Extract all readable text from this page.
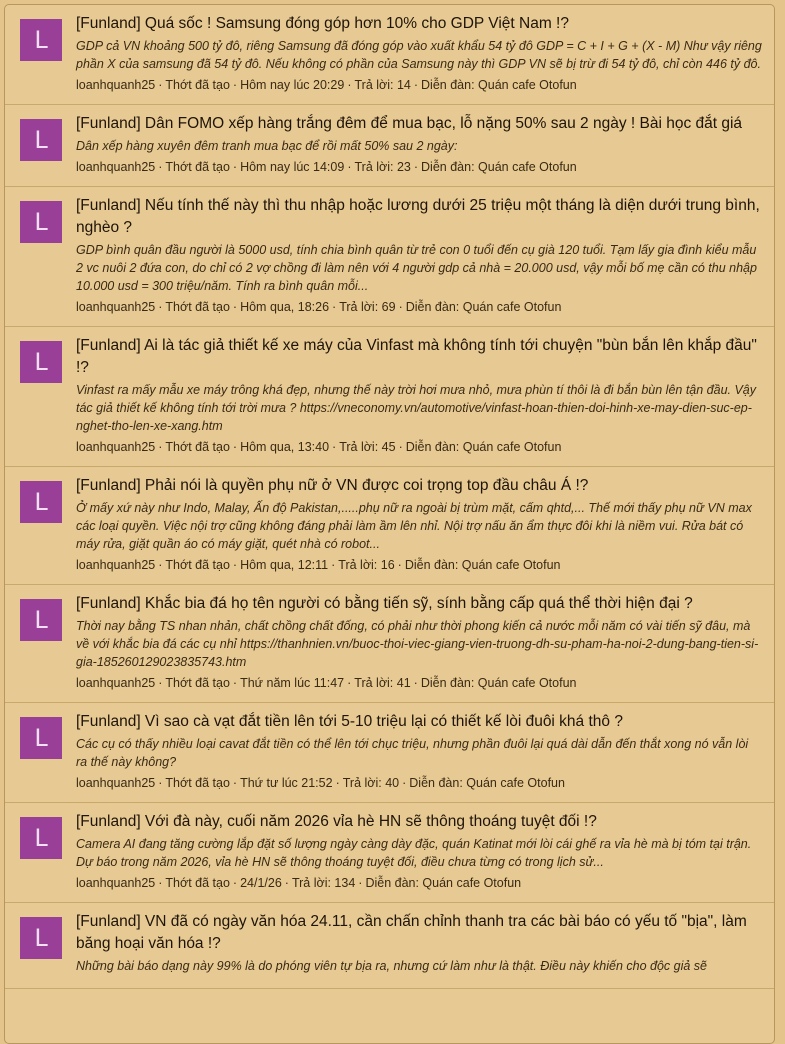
L
[Funland] Quá sốc ! Samsung đóng góp hơn 10% cho GDP Việt Nam !?
GDP cả VN khoảng 500 tỷ đô, riêng Samsung đã đóng góp vào xuất khẩu 54 tỷ đô GDP = C + I + G + (X - M) Như vậy riêng phần X của samsung đã 54 tỷ đô. Nếu không có phần của Samsung này thì GDP VN sẽ bị trừ đi 54 tỷ đô, chỉ còn 446 tỷ đô.
loanhquanh25 · Thớt đã tạo · Hôm nay lúc 20:29 · Trả lời: 14 · Diễn đàn: Quán cafe Otofun
L
[Funland] Dân FOMO xếp hàng trắng đêm để mua bạc, lỗ nặng 50% sau 2 ngày ! Bài học đắt giá
Dân xếp hàng xuyên đêm tranh mua bạc để rồi mất 50% sau 2 ngày:
loanhquanh25 · Thớt đã tạo · Hôm nay lúc 14:09 · Trả lời: 23 · Diễn đàn: Quán cafe Otofun
L
[Funland] Nếu tính thế này thì thu nhập hoặc lương dưới 25 triệu một tháng là diện dưới trung bình, nghèo ?
GDP bình quân đầu người là 5000 usd, tính chia bình quân từ trẻ con 0 tuổi đến cụ già 120 tuổi. Tạm lấy gia đình kiểu mẫu 2 vc nuôi 2 đứa con, do chỉ có 2 vợ chồng đi làm nên với 4 người gdp cả nhà = 20.000 usd, vậy mỗi bố mẹ cần có thu nhập 10.000 usd = 300 triệu/năm. Tính ra bình quân mỗi...
loanhquanh25 · Thớt đã tạo · Hôm qua, 18:26 · Trả lời: 69 · Diễn đàn: Quán cafe Otofun
L
[Funland] Ai là tác giả thiết kế xe máy của Vinfast mà không tính tới chuyện "bùn bắn lên khắp đầu" !?
Vinfast ra mấy mẫu xe máy trông khá đẹp, nhưng thế này trời hơi mưa nhỏ, mưa phùn tí thôi là đi bắn bùn lên tận đầu. Vậy tác giả thiết kế không tính tới trời mưa ? https://vneconomy.vn/automotive/vinfast-hoan-thien-doi-hinh-xe-may-dien-suc-ep-nghet-tho-len-xe-xang.htm
loanhquanh25 · Thớt đã tạo · Hôm qua, 13:40 · Trả lời: 45 · Diễn đàn: Quán cafe Otofun
L
[Funland] Phải nói là quyền phụ nữ ở VN được coi trọng top đầu châu Á !?
Ở mấy xứ này như Indo, Malay, Ấn độ Pakistan,.....phụ nữ ra ngoài bị trùm mặt, cấm qhtd,... Thế mới thấy phụ nữ VN max các loại quyền. Việc nội trợ cũng không đáng phải làm ầm lên nhỉ. Nội trợ nấu ăn ẩm thực đôi khi là niềm vui. Rửa bát có máy rửa, giặt quần áo có máy giặt, quét nhà có robot...
loanhquanh25 · Thớt đã tạo · Hôm qua, 12:11 · Trả lời: 16 · Diễn đàn: Quán cafe Otofun
L
[Funland] Khắc bia đá họ tên người có bằng tiến sỹ, sính bằng cấp quá thể thời hiện đại ?
Thời nay bằng TS nhan nhản, chất chồng chất đống, có phải như thời phong kiến cả nước mỗi năm có vài tiến sỹ đâu, mà về với khắc bia đá các cụ nhỉ https://thanhnien.vn/buoc-thoi-viec-giang-vien-truong-dh-su-pham-ha-noi-2-dung-bang-tien-si-gia-185260129023835743.htm
loanhquanh25 · Thớt đã tạo · Thứ năm lúc 11:47 · Trả lời: 41 · Diễn đàn: Quán cafe Otofun
L
[Funland] Vì sao cà vạt đắt tiền lên tới 5-10 triệu lại có thiết kế lòi đuôi khá thô ?
Các cụ có thấy nhiều loại cavat đắt tiền có thể lên tới chục triệu, nhưng phần đuôi lại quá dài dẫn đến thắt xong nó vẫn lòi ra thế này không?
loanhquanh25 · Thớt đã tạo · Thứ tư lúc 21:52 · Trả lời: 40 · Diễn đàn: Quán cafe Otofun
L
[Funland] Với đà này, cuối năm 2026 vỉa hè HN sẽ thông thoáng tuyệt đối !?
Camera AI đang tăng cường lắp đặt số lượng ngày càng dày đặc, quán Katinat mới lòi cái ghế ra vỉa hè mà bị tóm tại trận. Dự báo trong năm 2026, vỉa hè HN sẽ thông thoáng tuyệt đối, điều chưa từng có trong lịch sử...
loanhquanh25 · Thớt đã tạo · 24/1/26 · Trả lời: 134 · Diễn đàn: Quán cafe Otofun
L
[Funland] VN đã có ngày văn hóa 24.11, cần chấn chỉnh thanh tra các bài báo có yếu tố "bịa", làm băng hoại văn hóa !?
Những bài báo dạng này 99% là do phóng viên tự bịa ra, nhưng cứ làm như là thật. Điều này khiến cho độc giả sẽ
